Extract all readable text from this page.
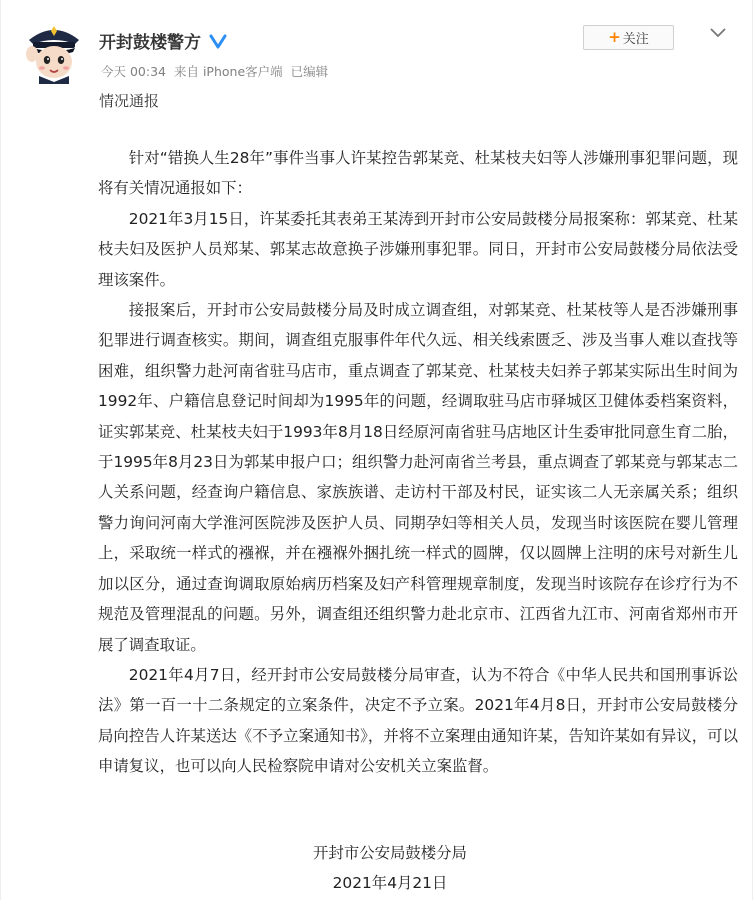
开封鼓楼警方
今天 00:34 来自 iPhone客户端 已编辑
+ 关注
情况通报

针对“错换人生28年”事件当事人许某控告郭某竞、杜某枝夫妇等人涉嫌刑事犯罪问题，现将有关情况通报如下：

2021年3月15日，许某委托其表弟王某涛到开封市公安局鼓楼分局报案称：郭某竞、杜某枝夫妇及医护人员郑某、郭某志故意换子涉嫌刑事犯罪。同日，开封市公安局鼓楼分局依法受理该案件。

接报案后，开封市公安局鼓楼分局及时成立调查组，对郭某竞、杜某枝等人是否涉嫌刑事犯罪进行调查核实。期间，调查组克服事件年代久远、相关线索匮乏、涉及当事人难以查找等困难，组织警力赴河南省驻马店市，重点调查了郭某竞、杜某枝夫妇养子郭某实际出生时间为1992年、户籍信息登记时间却为1995年的问题，经调取驻马店市驿城区卫健体委档案资料，证实郭某竞、杜某枝夫妇于1993年8月18日经原河南省驻马店地区计生委审批同意生育二胎，于1995年8月23日为郭某申报户口；组织警力赴河南省兰考县，重点调查了郭某竞与郭某志二人关系问题，经查询户籍信息、家族族谱、走访村干部及村民，证实该二人无亲属关系；组织警力询问河南大学淮河医院涉及医护人员、同期孕妇等相关人员，发现当时该医院在婴儿管理上，采取统一样式的襁褓，并在襁褓外捆扎统一样式的圆牌，仅以圆牌上注明的床号对新生儿加以区分，通过查询调取原始病历档案及妇产科管理规章制度，发现当时该院存在诊疗行为不规范及管理混乱的问题。另外，调查组还组织警力赴北京市、江西省九江市、河南省郑州市开展了调查取证。

2021年4月7日，经开封市公安局鼓楼分局审查，认为不符合《中华人民共和国刑事诉讼法》第一百一十二条规定的立案条件，决定不予立案。2021年4月8日，开封市公安局鼓楼分局向控告人许某送达《不予立案通知书》，并将不立案理由通知许某，告知许某如有异议，可以申请复议，也可以向人民检察院申请对公安机关立案监督。

开封市公安局鼓楼分局
2021年4月21日
